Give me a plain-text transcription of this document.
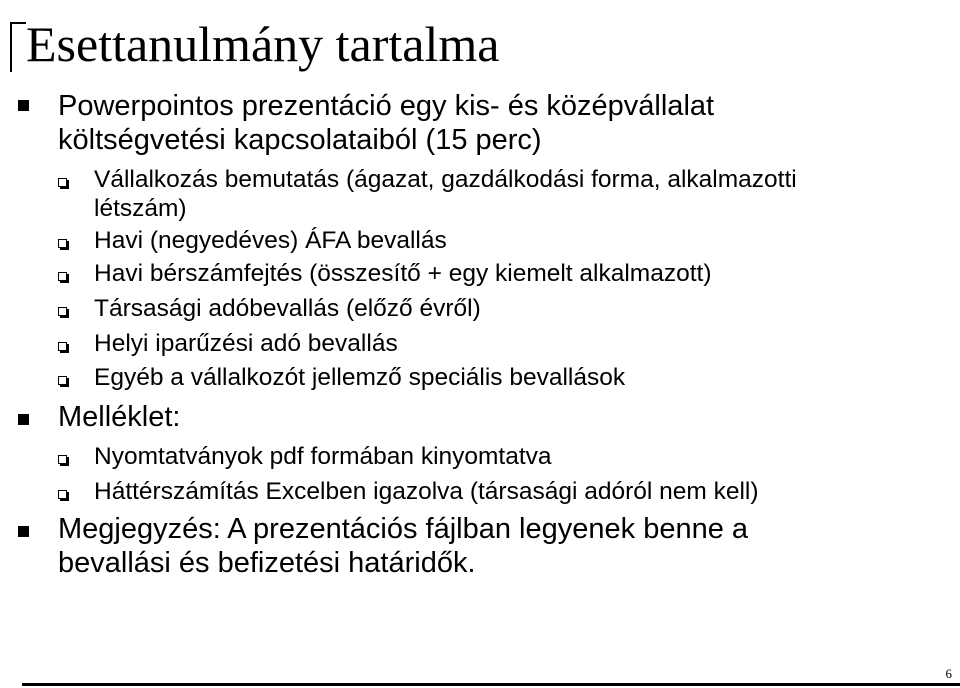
Esettanulmány tartalma
Powerpointos prezentáció egy kis- és középvállalat
költségvetési kapcsolataiból (15 perc)
Vállalkozás bemutatás (ágazat, gazdálkodási forma, alkalmazotti
létszám)
Havi (negyedéves) ÁFA bevallás
Havi bérszámfejtés (összesítő + egy kiemelt alkalmazott)
Társasági adóbevallás (előző évről)
Helyi iparűzési adó bevallás
Egyéb a vállalkozót jellemző speciális bevallások
Melléklet:
Nyomtatványok pdf formában kinyomtatva
Háttérszámítás Excelben igazolva (társasági adóról nem kell)
Megjegyzés: A prezentációs fájlban legyenek benne a
bevallási és befizetési határidők.
6
